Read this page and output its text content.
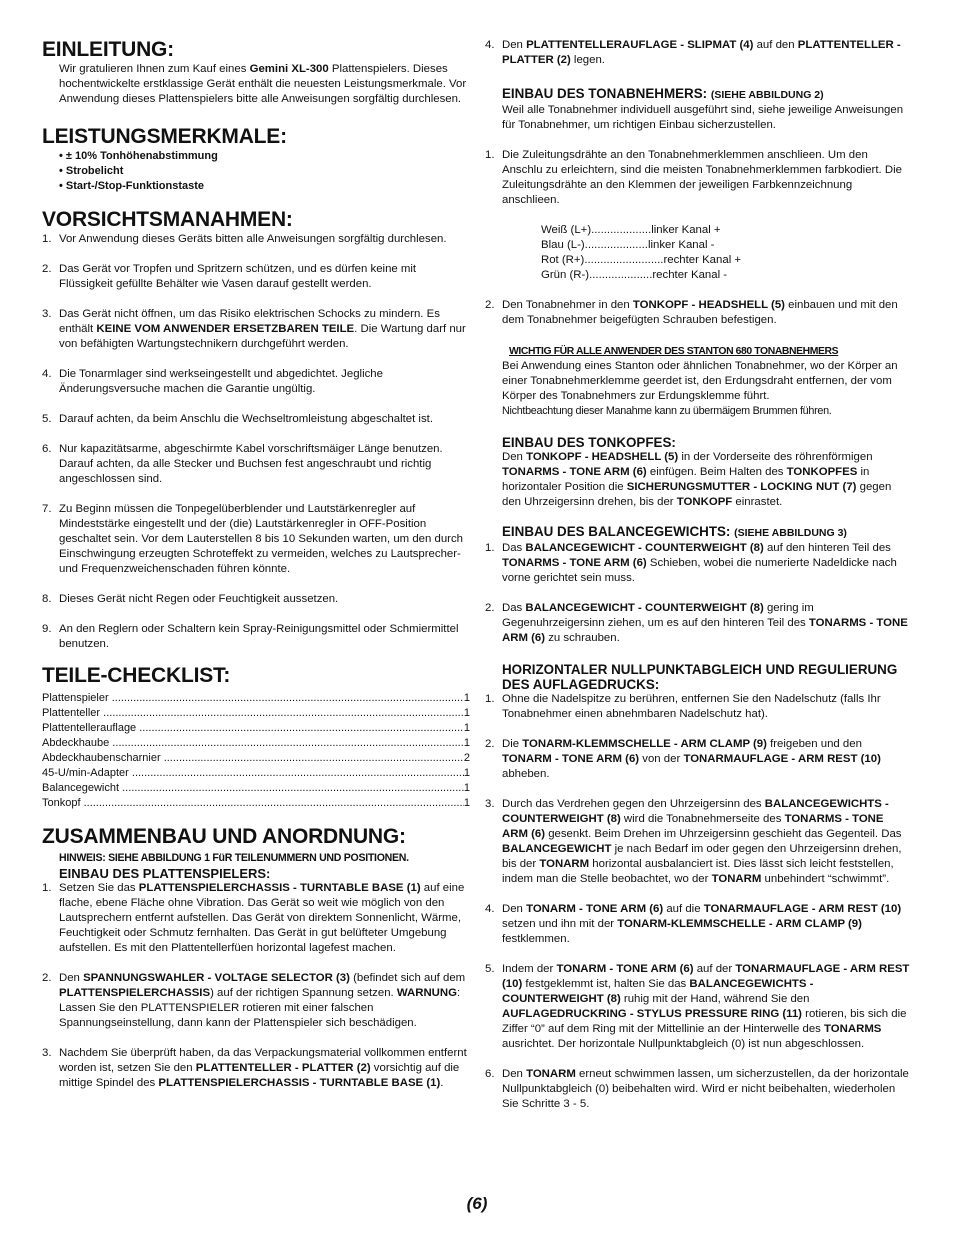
EINLEITUNG:

Wir gratulieren Ihnen zum Kauf eines Gemini XL-300 Plattenspielers. Dieses hochentwickelte erstklassige Gerät enthält die neuesten Leistungsmerkmale. Vor Anwendung dieses Plattenspielers bitte alle Anweisungen sorgfältig durchlesen.

LEISTUNGSMERKMALE:
• ± 10% Tonhöhenabstimmung
• Strobelicht
• Start-/Stop-Funktionstaste
VORSICHTSMANAHMEN:
1. Vor Anwendung dieses Geräts bitten alle Anweisungen sorgfältig durchlesen.
2. Das Gerät vor Tropfen und Spritzern schützen, und es dürfen keine mit Flüssigkeit gefüllte Behälter wie Vasen darauf gestellt werden.
3. Das Gerät nicht öffnen, um das Risiko elektrischen Schocks zu mindern. Es enthält KEINE VOM ANWENDER ERSETZBAREN TEILE. Die Wartung darf nur von befähigten Wartungstechnikern durchgeführt werden.
4. Die Tonarmlager sind werkseingestellt und abgedichtet. Jegliche Änderungsversuche machen die Garantie ungültig.
5. Darauf achten, da beim Anschlu die Wechseltromleistung abgeschaltet ist.
6. Nur kapazitätsarme, abgeschirmte Kabel vorschriftsmäiger Länge benutzen. Darauf achten, da alle Stecker und Buchsen fest angeschraubt und richtig angeschlossen sind.
7. Zu Beginn müssen die Tonpegelüberblender und Lautstärkenregler auf Mindeststärke eingestellt und der (die) Lautstärkenregler in OFF-Position geschaltet sein. Vor dem Lauterstellen 8 bis 10 Sekunden warten, um den durch Einschwingung erzeugten Schroteffekt zu vermeiden, welches zu Lautsprecher- und Frequenzweichenschaden führen könnte.
8. Dieses Gerät nicht Regen oder Feuchtigkeit aussetzen.
9. An den Reglern oder Schaltern kein Spray-Reinigungsmittel oder Schmiermittel benutzen.
TEILE-CHECKLIST:
Plattenspieler .....	1
Plattenteller .....	1
Plattentellerauflage .....	1
Abdeckhaube .....	1
Abdeckhaubenscharnier .....	2
45-U/min-Adapter .....	1
Balancegewicht .....	1
Tonkopf .....	1
ZUSAMMENBAU UND ANORDNUNG:

HINWEIS: SIEHE ABBILDUNG 1 FüR TEILENUMMERN UND POSITIONEN.

EINBAU DES PLATTENSPIELERS:
1. Setzen Sie das PLATTENSPIELERCHASSIS - TURNTABLE BASE (1) auf eine flache, ebene Fläche ohne Vibration. Das Gerät so weit wie möglich von den Lautsprechern entfernt aufstellen. Das Gerät von direktem Sonnenlicht, Wärme, Feuchtigkeit oder Schmutz fernhalten. Das Gerät in gut belüfteter Umgebung aufstellen. Es mit den Plattentellerfüen horizontal lagefest machen.
2. Den SPANNUNGSWAHLER - VOLTAGE SELECTOR (3) (befindet sich auf dem PLATTENSPIELERCHASSIS) auf der richtigen Spannung setzen. WARNUNG: Lassen Sie den PLATTENSPIELER rotieren mit einer falschen Spannungseinstellung, dann kann der Plattenspieler sich beschädigen.
3. Nachdem Sie überprüft haben, da das Verpackungsmaterial vollkommen entfernt worden ist, setzen Sie den PLATTENTELLER - PLATTER (2) vorsichtig auf die mittige Spindel des PLATTENSPIELERCHASSIS - TURNTABLE BASE (1).
4. Den PLATTENTELLERAUFLAGE - SLIPMAT (4) auf den PLATTENTELLER - PLATTER (2) legen.
EINBAU DES TONABNEHMERS: (SIEHE ABBILDUNG 2)

Weil alle Tonabnehmer individuell ausgeführt sind, siehe jeweilige Anweisungen für Tonabnehmer, um richtigen Einbau sicherzustellen.

1. Die Zuleitungsdrähte an den Tonabnehmerklemmen anschlieen. Um den Anschlu zu erleichtern, sind die meisten Tonabnehmerklemmen farbkodiert. Die Zuleitungsdrähte an den Klemmen der jeweiligen Farbkennzeichnung anschlieen.
Weiß (L+)...................linker Kanal +
Blau (L-)....................linker Kanal -
Rot (R+).........................rechter Kanal +
Grün (R-)....................rechter Kanal -
2. Den Tonabnehmer in den TONKOPF - HEADSHELL (5) einbauen und mit den dem Tonabnehmer beigefügten Schrauben befestigen.

WICHTIG FÜR ALLE ANWENDER DES STANTON 680 TONABNEHMERS

Bei Anwendung eines Stanton oder ähnlichen Tonabnehmer, wo der Körper an einer Tonabnehmerklemme geerdet ist, den Erdungsdraht entfernen, der vom Körper des Tonabnehmers zur Erdungsklemme führt.

Nichtbeachtung dieser Manahme kann zu übermäigem Brummen führen.

EINBAU DES TONKOPFES:

Den TONKOPF - HEADSHELL (5) in der Vorderseite des röhrenförmigen TONARMS - TONE ARM (6) einfügen. Beim Halten des TONKOPFES in horizontaler Position die SICHERUNGSMUTTER - LOCKING NUT (7) gegen den Uhrzeigersinn drehen, bis der TONKOPF einrastet.

EINBAU DES BALANCEGEWICHTS: (SIEHE ABBILDUNG 3)
1. Das BALANCEGEWICHT - COUNTERWEIGHT (8) auf den hinteren Teil des TONARMS - TONE ARM (6) Schieben, wobei die numerierte Nadeldicke nach vorne gerichtet sein muss.
2. Das BALANCEGEWICHT - COUNTERWEIGHT (8) gering im Gegenuhrzeigersinn ziehen, um es auf den hinteren Teil des TONARMS - TONE ARM (6) zu schrauben.
HORIZONTALER NULLPUNKTABGLEICH UND REGULIERUNG DES AUFLAGEDRUCKS:
1. Ohne die Nadelspitze zu berühren, entfernen Sie den Nadelschutz (falls Ihr Tonabnehmer einen abnehmbaren Nadelschutz hat).
2. Die TONARM-KLEMMSCHELLE - ARM CLAMP (9) freigeben und den TONARM - TONE ARM (6) von der TONARMAUFLAGE - ARM REST (10) abheben.
3. Durch das Verdrehen gegen den Uhrzeigersinn des BALANCEGEWICHTS - COUNTERWEIGHT (8) wird die Tonabnehmerseite des TONARMS - TONE ARM (6) gesenkt. Beim Drehen im Uhrzeigersinn geschieht das Gegenteil. Das BALANCEGEWICHT je nach Bedarf im oder gegen den Uhrzeigersinn drehen, bis der TONARM horizontal ausbalanciert ist. Dies lässt sich leicht feststellen, indem man die Stelle beobachtet, wo der TONARM unbehindert “schwimmt”.
4. Den TONARM - TONE ARM (6) auf die TONARMAUFLAGE - ARM REST (10) setzen und ihn mit der TONARM-KLEMMSCHELLE - ARM CLAMP (9) festklemmen.
5. Indem der TONARM - TONE ARM (6) auf der TONARMAUFLAGE - ARM REST (10) festgeklemmt ist, halten Sie das BALANCEGEWICHTS - COUNTERWEIGHT (8) ruhig mit der Hand, während Sie den AUFLAGEDRUCKRING - STYLUS PRESSURE RING (11) rotieren, bis sich die Ziffer “0” auf dem Ring mit der Mittellinie an der Hinterwelle des TONARMS ausrichtet. Der horizontale Nullpunktabgleich (0) ist nun abgeschlossen.
6. Den TONARM erneut schwimmen lassen, um sicherzustellen, da der horizontale Nullpunktabgleich (0) beibehalten wird. Wird er nicht beibehalten, wiederholen Sie Schritte 3 - 5.
(6)
